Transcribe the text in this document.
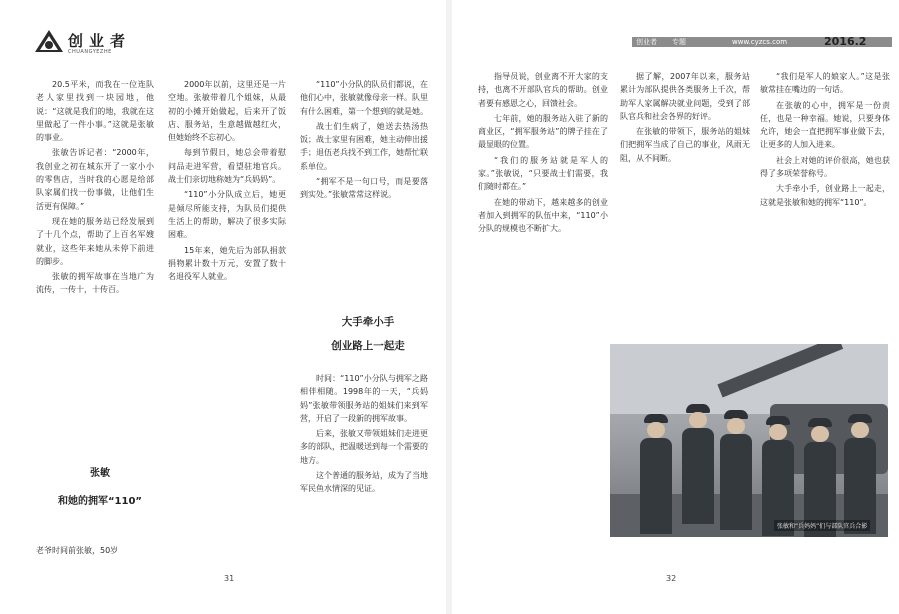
创业者
CHUANGYEZHE

20.5平米，而我在一位连队老人家里找到一块园地，他说：“这就是我们的地，我就在这里做起了一件小事。”这就是张敏的事业。

张敏告诉记者：“2000年，我创业之初在城东开了一家小小的零售店，当时我的心愿是给部队家属们找一份事做，让他们生活更有保障。”

现在她的服务站已经发展到了十几个点，帮助了上百名军嫂就业，这些年来她从未停下前进的脚步。

张敏的拥军故事在当地广为流传，一传十，十传百。

张敏
和她的拥军“110”

老爷时间前张敏，50岁

2000年以前，这里还是一片空地。张敏带着几个姐妹，从最初的小摊开始做起，后来开了饭店、服务站，生意越做越红火，但她始终不忘初心。

每到节假日，她总会带着慰问品走进军营，看望驻地官兵。战士们亲切地称她为“兵妈妈”。

“110”小分队成立后，她更是倾尽所能支持，为队员们提供生活上的帮助，解决了很多实际困难。

15年来，她先后为部队捐款捐物累计数十万元，安置了数十名退役军人就业。

“110”小分队的队员们都说，在他们心中，张敏就像母亲一样。队里有什么困难，第一个想到的就是她。

战士们生病了，她送去热汤热饭；战士家里有困难，她主动伸出援手；退伍老兵找不到工作，她帮忙联系单位。

“拥军不是一句口号，而是要落到实处。”张敏常常这样说。

大手牵小手
创业路上一起走

时间：“110”小分队与拥军之路相伴相随。1998年的一天，“兵妈妈”张敏带领服务站的姐妹们来到军营，开启了一段新的拥军故事。

后来，张敏又带领姐妹们走进更多的部队，把温暖送到每一个需要的地方。

这个普通的服务站，成为了当地军民鱼水情深的见证。

31
创业者 专题	www.cyzcs.com	2016.2

指导员说，创业离不开大家的支持，也离不开部队官兵的帮助。创业者要有感恩之心，回馈社会。

七年前，她的服务站入驻了新的商业区，“拥军服务站”的牌子挂在了最显眼的位置。

“我们的服务站就是军人的家。”张敏说，“只要战士们需要，我们随时都在。”

在她的带动下，越来越多的创业者加入到拥军的队伍中来，“110”小分队的规模也不断扩大。

据了解，2007年以来，服务站累计为部队提供各类服务上千次，帮助军人家属解决就业问题，受到了部队官兵和社会各界的好评。

在张敏的带领下，服务站的姐妹们把拥军当成了自己的事业，风雨无阻，从不间断。

“我们是军人的娘家人。”这是张敏常挂在嘴边的一句话。

在张敏的心中，拥军是一份责任，也是一种幸福。她说，只要身体允许，她会一直把拥军事业做下去，让更多的人加入进来。

社会上对她的评价很高，她也获得了多项荣誉称号。

大手牵小手，创业路上一起走，这就是张敏和她的拥军“110”。

张敏和“兵妈妈”们与部队官兵合影
32
